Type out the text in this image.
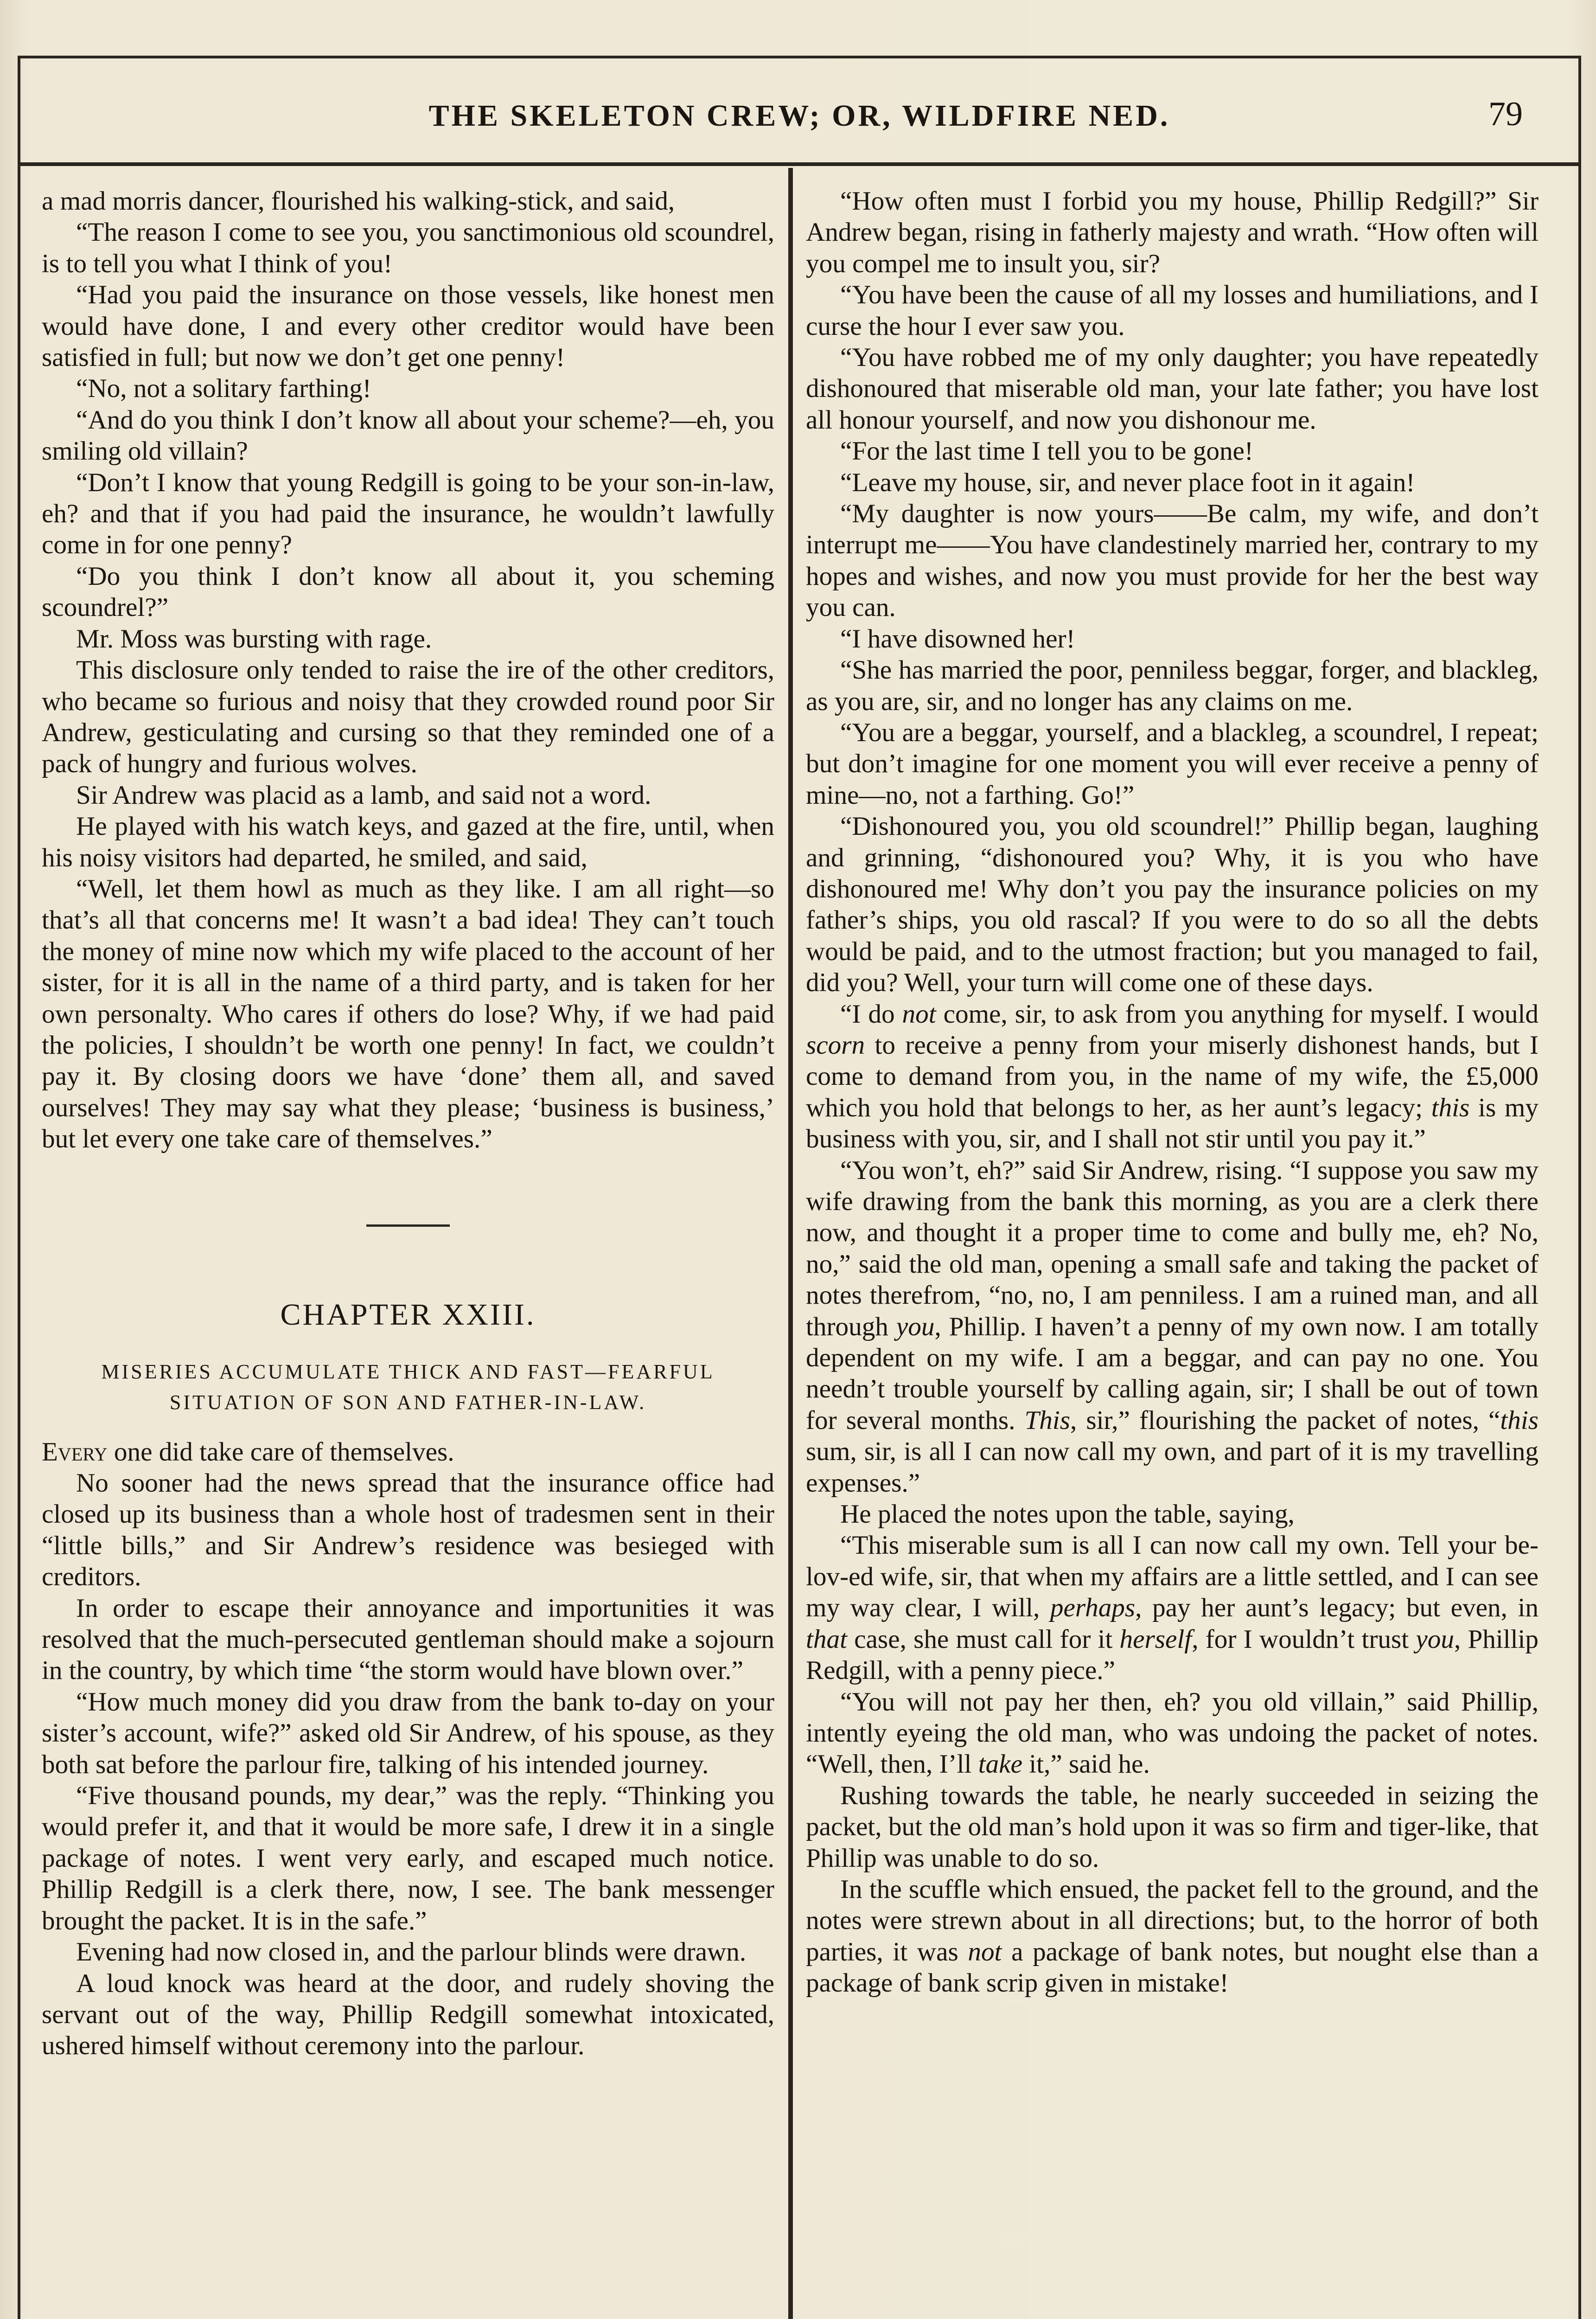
THE SKELETON CREW; OR, WILDFIRE NED.	79

a mad morris dancer, flourished his walking-stick, and said,

“The reason I come to see you, you sanctimonious old scoundrel, is to tell you what I think of you!

“Had you paid the insurance on those vessels, like honest men would have done, I and every other creditor would have been satisfied in full; but now we don’t get one penny!

“No, not a solitary farthing!

“And do you think I don’t know all about your scheme?—eh, you smiling old villain?

“Don’t I know that young Redgill is going to be your son-in-law, eh? and that if you had paid the insurance, he wouldn’t lawfully come in for one penny?

“Do you think I don’t know all about it, you scheming scoundrel?”

Mr. Moss was bursting with rage.

This disclosure only tended to raise the ire of the other creditors, who became so furious and noisy that they crowded round poor Sir Andrew, gesticulating and cursing so that they reminded one of a pack of hungry and furious wolves.

Sir Andrew was placid as a lamb, and said not a word.

He played with his watch keys, and gazed at the fire, until, when his noisy visitors had departed, he smiled, and said,

“Well, let them howl as much as they like. I am all right—so that’s all that concerns me! It wasn’t a bad idea! They can’t touch the money of mine now which my wife placed to the account of her sister, for it is all in the name of a third party, and is taken for her own personalty. Who cares if others do lose? Why, if we had paid the policies, I shouldn’t be worth one penny! In fact, we couldn’t pay it. By closing doors we have ‘done’ them all, and saved ourselves! They may say what they please; ‘business is business,’ but let every one take care of themselves.”

CHAPTER XXIII.
MISERIES ACCUMULATE THICK AND FAST—FEARFUL SITUATION OF SON AND FATHER-IN-LAW.

Every one did take care of themselves.

No sooner had the news spread that the insurance office had closed up its business than a whole host of tradesmen sent in their “little bills,” and Sir Andrew’s residence was besieged with creditors.

In order to escape their annoyance and importunities it was resolved that the much-persecuted gentleman should make a sojourn in the country, by which time “the storm would have blown over.”

“How much money did you draw from the bank to-day on your sister’s account, wife?” asked old Sir Andrew, of his spouse, as they both sat before the parlour fire, talking of his intended journey.

“Five thousand pounds, my dear,” was the reply. “Thinking you would prefer it, and that it would be more safe, I drew it in a single package of notes. I went very early, and escaped much notice. Phillip Redgill is a clerk there, now, I see. The bank messenger brought the packet. It is in the safe.”

Evening had now closed in, and the parlour blinds were drawn.

A loud knock was heard at the door, and rudely shoving the servant out of the way, Phillip Redgill somewhat intoxicated, ushered himself without ceremony into the parlour.

“How often must I forbid you my house, Phillip Redgill?” Sir Andrew began, rising in fatherly majesty and wrath. “How often will you compel me to insult you, sir?

“You have been the cause of all my losses and humiliations, and I curse the hour I ever saw you.

“You have robbed me of my only daughter; you have repeatedly dishonoured that miserable old man, your late father; you have lost all honour yourself, and now you dishonour me.

“For the last time I tell you to be gone!

“Leave my house, sir, and never place foot in it again!

“My daughter is now yours——Be calm, my wife, and don’t interrupt me——You have clandestinely married her, contrary to my hopes and wishes, and now you must provide for her the best way you can.

“I have disowned her!

“She has married the poor, penniless beggar, forger, and blackleg, as you are, sir, and no longer has any claims on me.

“You are a beggar, yourself, and a blackleg, a scoundrel, I repeat; but don’t imagine for one moment you will ever receive a penny of mine—no, not a farthing. Go!”

“Dishonoured you, you old scoundrel!” Phillip began, laughing and grinning, “dishonoured you? Why, it is you who have dishonoured me! Why don’t you pay the insurance policies on my father’s ships, you old rascal? If you were to do so all the debts would be paid, and to the utmost fraction; but you managed to fail, did you? Well, your turn will come one of these days.

“I do not come, sir, to ask from you anything for myself. I would scorn to receive a penny from your miserly dishonest hands, but I come to demand from you, in the name of my wife, the £5,000 which you hold that belongs to her, as her aunt’s legacy; this is my business with you, sir, and I shall not stir until you pay it.”

“You won’t, eh?” said Sir Andrew, rising. “I suppose you saw my wife drawing from the bank this morning, as you are a clerk there now, and thought it a proper time to come and bully me, eh? No, no,” said the old man, opening a small safe and taking the packet of notes therefrom, “no, no, I am penniless. I am a ruined man, and all through you, Phillip. I haven’t a penny of my own now. I am totally dependent on my wife. I am a beggar, and can pay no one. You needn’t trouble yourself by calling again, sir; I shall be out of town for several months. This, sir,” flourishing the packet of notes, “this sum, sir, is all I can now call my own, and part of it is my travelling expenses.”

He placed the notes upon the table, saying,

“This miserable sum is all I can now call my own. Tell your be-lov-ed wife, sir, that when my affairs are a little settled, and I can see my way clear, I will, perhaps, pay her aunt’s legacy; but even, in that case, she must call for it herself, for I wouldn’t trust you, Phillip Redgill, with a penny piece.”

“You will not pay her then, eh? you old villain,” said Phillip, intently eyeing the old man, who was undoing the packet of notes. “Well, then, I’ll take it,” said he.

Rushing towards the table, he nearly succeeded in seizing the packet, but the old man’s hold upon it was so firm and tiger-like, that Phillip was unable to do so.

In the scuffle which ensued, the packet fell to the ground, and the notes were strewn about in all directions; but, to the horror of both parties, it was not a package of bank notes, but nought else than a package of bank scrip given in mistake!
